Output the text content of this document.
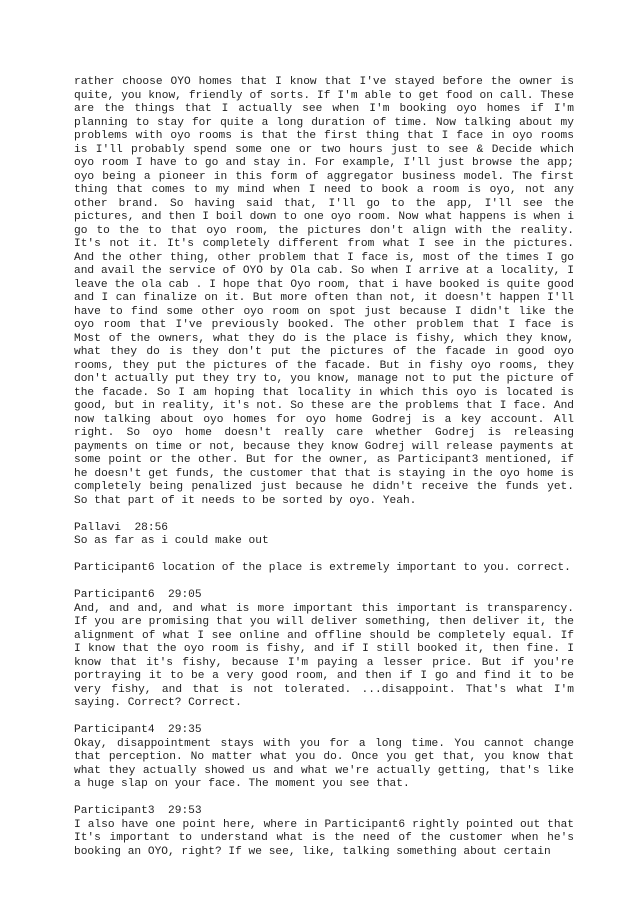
rather choose OYO homes that I know that I've stayed before the owner is quite, you know, friendly of sorts. If I'm able to get food on call. These are the things that I actually see when I'm booking oyo homes if I'm planning to stay for quite a long duration of time. Now talking about my problems with oyo rooms is that the first thing that I face in oyo rooms is I'll probably spend some one or two hours just to see & Decide which oyo room I have to go and stay in. For example, I'll just browse the app; oyo being a pioneer in this form of aggregator business model. The first thing that comes to my mind when I need to book a room is oyo, not any other brand. So having said that, I'll go to the app, I'll see the pictures, and then I boil down to one oyo room. Now what happens is when i go to the to that oyo room, the pictures don't align with the reality. It's not it. It's completely different from what I see in the pictures. And the other thing, other problem that I face is, most of the times I go and avail the service of OYO by Ola cab. So when I arrive at a locality, I leave the ola cab . I hope that Oyo room, that i have booked is quite good and I can finalize on it. But more often than not, it doesn't happen I'll have to find some other oyo room on spot just because I didn't like the oyo room that I've previously booked. The other problem that I face is Most of the owners, what they do is the place is fishy, which they know, what they do is they don't put the pictures of the facade in good oyo rooms, they put the pictures of the facade. But in fishy oyo rooms, they don't actually put they try to, you know, manage not to put the picture of the facade. So I am hoping that locality in which this oyo is located is good, but in reality, it's not. So these are the problems that I face. And now talking about oyo homes for oyo home Godrej is a key account. All right. So oyo home doesn't really care whether Godrej is releasing payments on time or not, because they know Godrej will release payments at some point or the other. But for the owner, as Participant3 mentioned, if he doesn't get funds, the customer that that is staying in the oyo home is completely being penalized just because he didn't receive the funds yet. So that part of it needs to be sorted by oyo. Yeah.

Pallavi 28:56

So as far as i could make out

Participant6 location of the place is extremely important to you. correct.

Participant6 29:05

And, and and, and what is more important this important is transparency. If you are promising that you will deliver something, then deliver it, the alignment of what I see online and offline should be completely equal. If I know that the oyo room is fishy, and if I still booked it, then fine. I know that it's fishy, because I'm paying a lesser price. But if you're portraying it to be a very good room, and then if I go and find it to be very fishy, and that is not tolerated. ...disappoint. That's what I'm saying. Correct? Correct.

Participant4 29:35

Okay, disappointment stays with you for a long time. You cannot change that perception. No matter what you do. Once you get that, you know that what they actually showed us and what we're actually getting, that's like a huge slap on your face. The moment you see that.

Participant3 29:53

I also have one point here, where in Participant6 rightly pointed out that It's important to understand what is the need of the customer when he's booking an OYO, right? If we see, like, talking something about certain
